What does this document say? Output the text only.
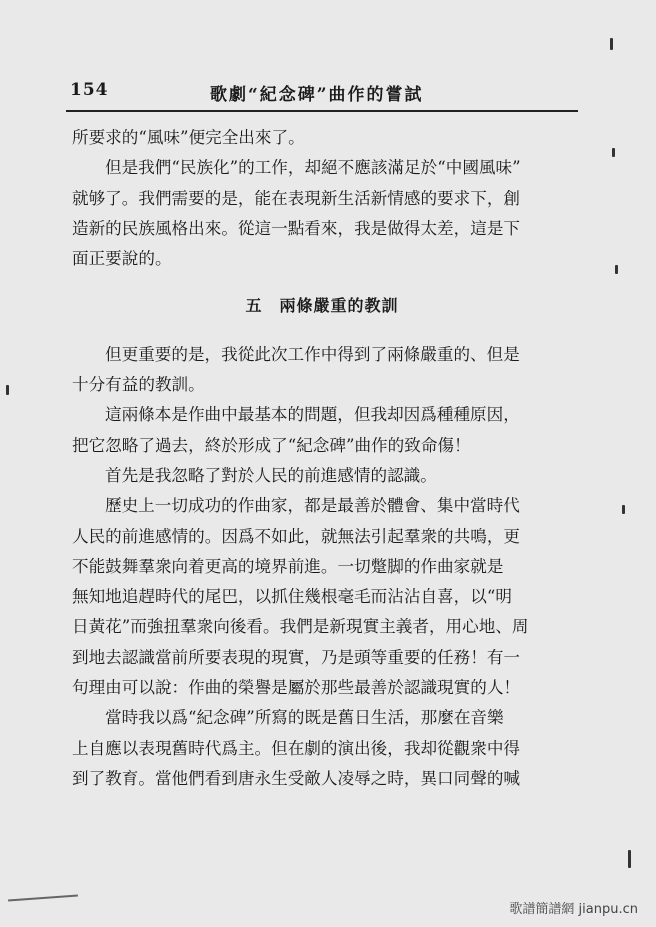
154	歌劇“紀念碑”曲作的嘗試
所要求的“風味”便完全出來了。
但是我們“民族化”的工作，却絕不應該滿足於“中國風味”
就够了。我們需要的是，能在表現新生活新情感的要求下，創
造新的民族風格出來。從這一點看來，我是做得太差，這是下
面正要說的。
五　兩條嚴重的教訓
但更重要的是，我從此次工作中得到了兩條嚴重的、但是
十分有益的教訓。
這兩條本是作曲中最基本的問題，但我却因爲種種原因，
把它忽略了過去，終於形成了“紀念碑”曲作的致命傷！
首先是我忽略了對於人民的前進感情的認識。
歷史上一切成功的作曲家，都是最善於體會、集中當時代
人民的前進感情的。因爲不如此，就無法引起羣衆的共鳴，更
不能鼓舞羣衆向着更高的境界前進。一切蹩脚的作曲家就是
無知地追趕時代的尾巴，以抓住幾根毫毛而沾沾自喜，以“明
日黃花”而強扭羣衆向後看。我們是新現實主義者，用心地、周
到地去認識當前所要表現的現實，乃是頭等重要的任務！有一
句理由可以說：作曲的榮譽是屬於那些最善於認識現實的人！
當時我以爲“紀念碑”所寫的既是舊日生活，那麼在音樂
上自應以表現舊時代爲主。但在劇的演出後，我却從觀衆中得
到了教育。當他們看到唐永生受敵人凌辱之時，異口同聲的喊
歌譜簡譜網 jianpu.cn
